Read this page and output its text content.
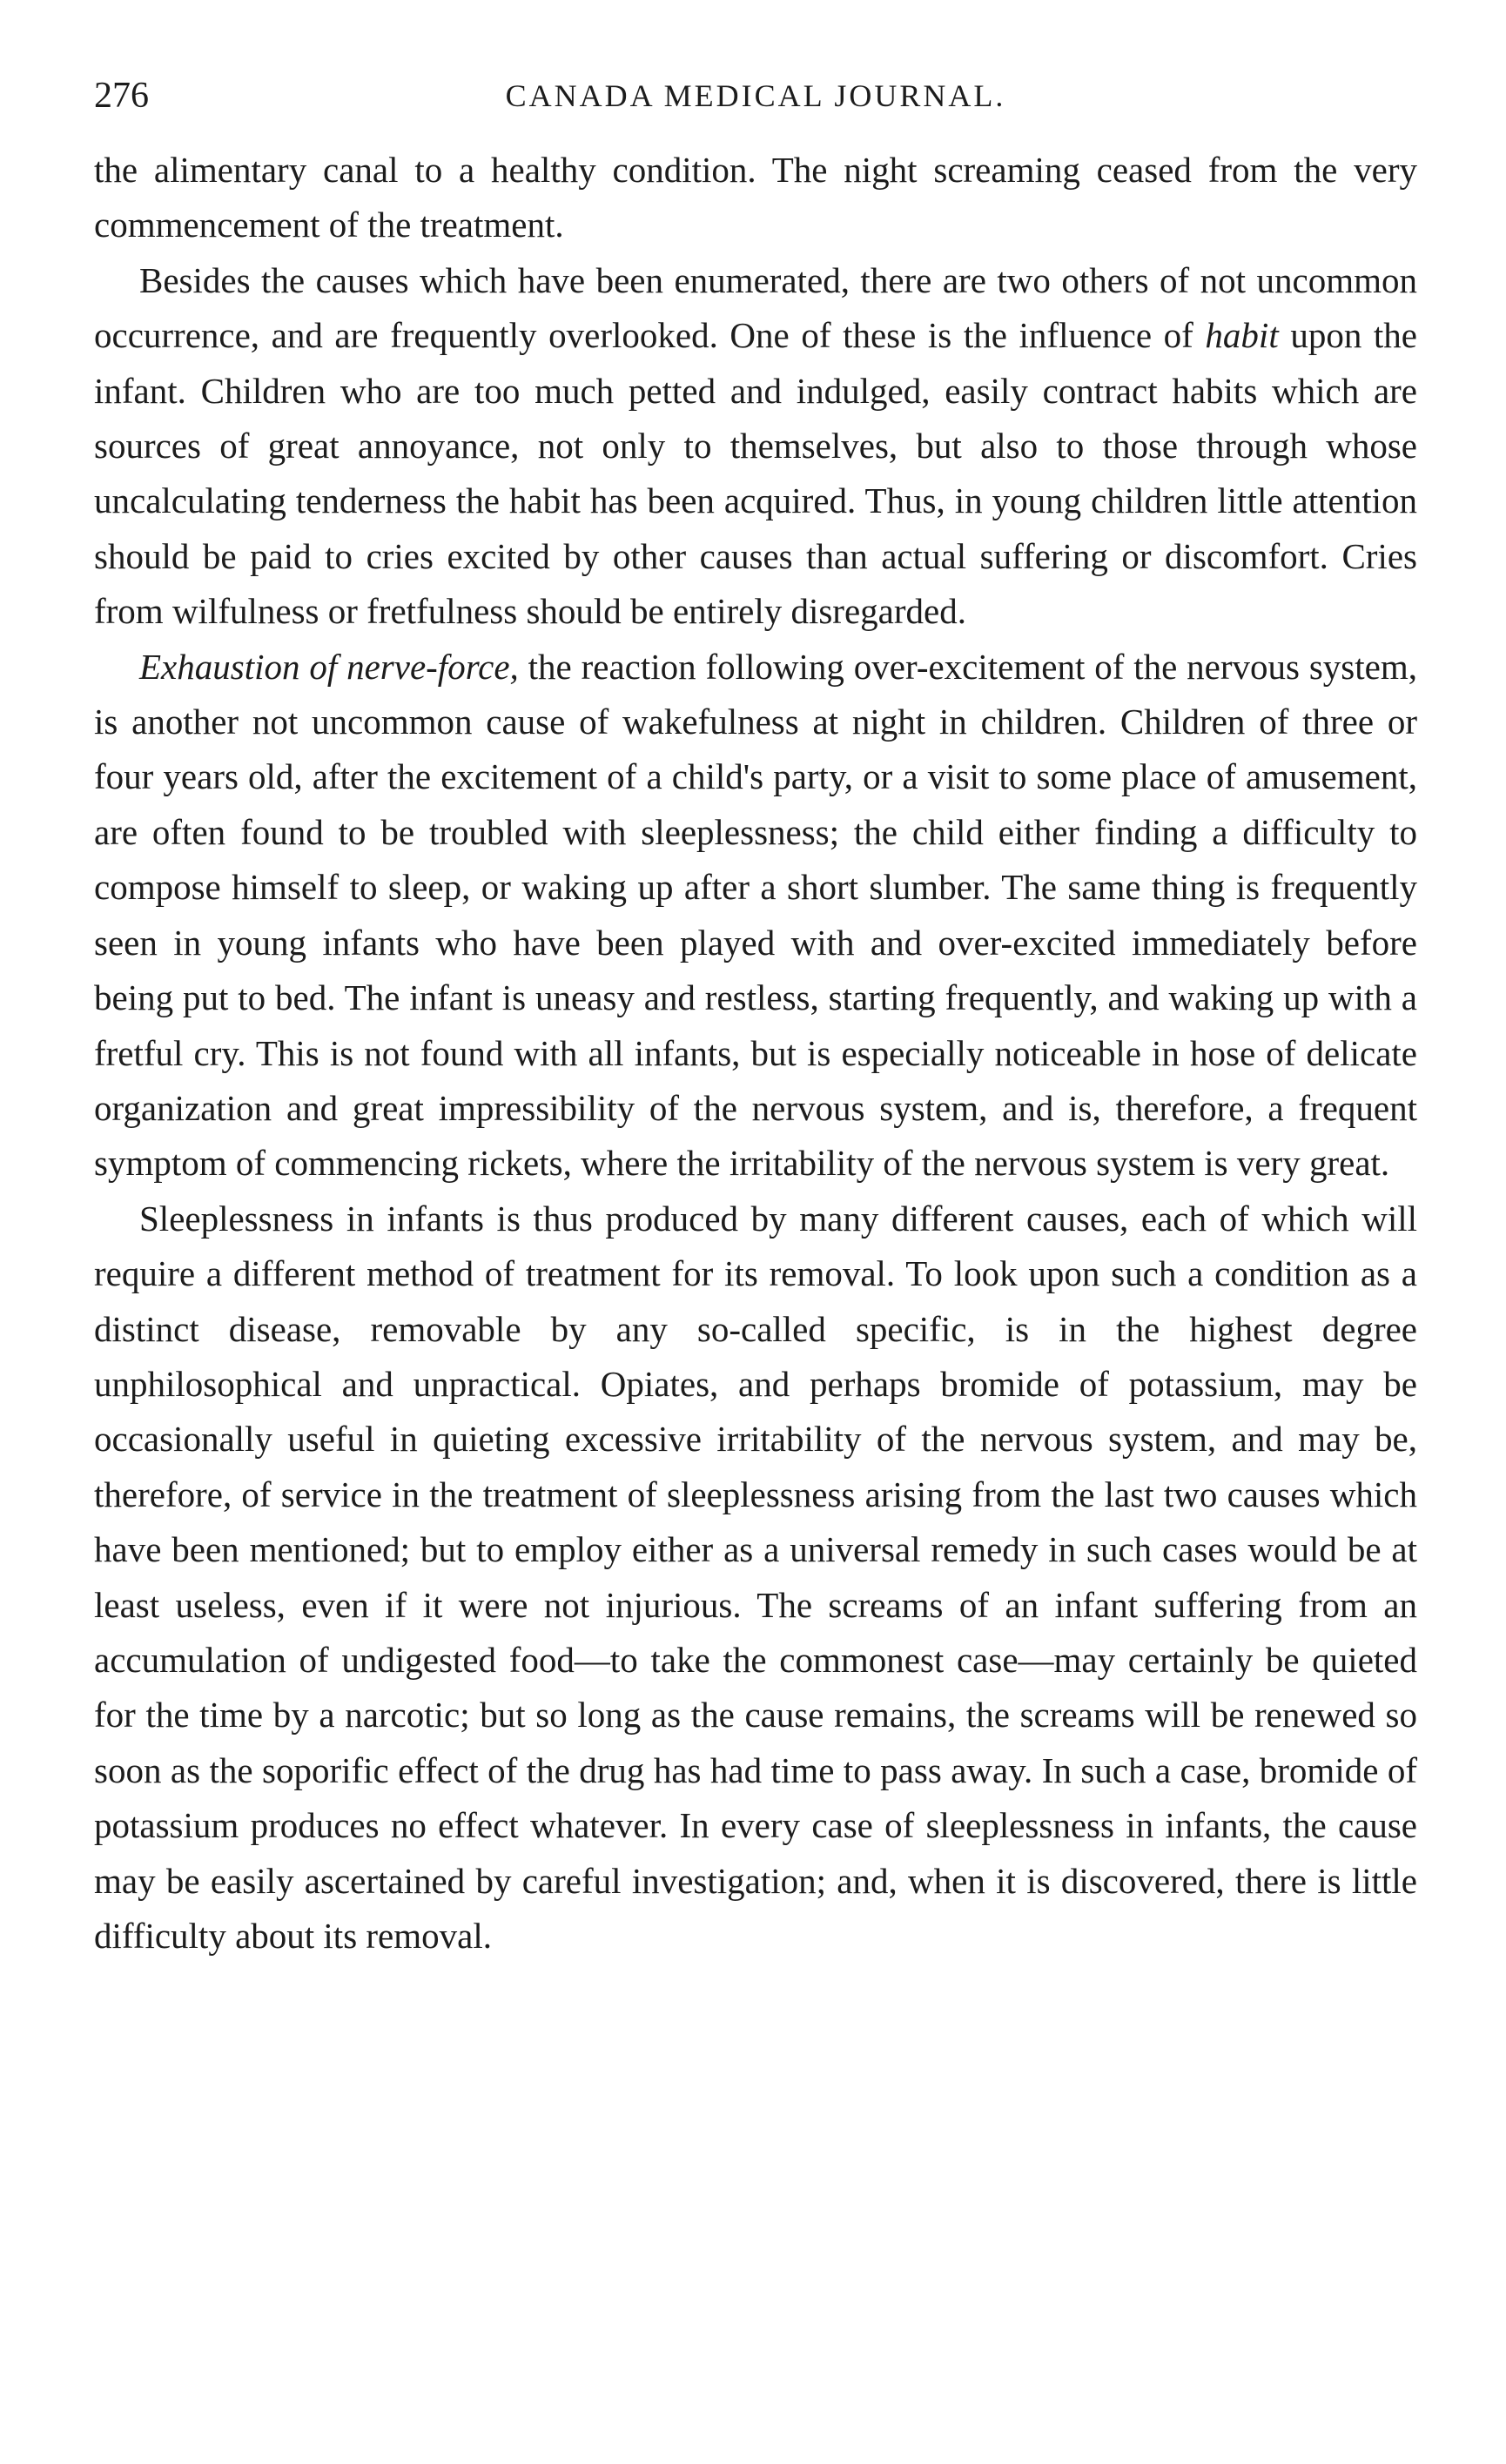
276	CANADA MEDICAL JOURNAL.

the alimentary canal to a healthy condition. The night screaming ceased from the very commencement of the treatment.

Besides the causes which have been enumerated, there are two others of not uncommon occurrence, and are frequently overlooked. One of these is the influence of habit upon the infant. Children who are too much petted and indulged, easily contract habits which are sources of great annoyance, not only to themselves, but also to those through whose uncalculating tenderness the habit has been acquired. Thus, in young children little attention should be paid to cries excited by other causes than actual suffering or discomfort. Cries from wilfulness or fretfulness should be entirely disregarded.

Exhaustion of nerve-force, the reaction following over-excitement of the nervous system, is another not uncommon cause of wakefulness at night in children. Children of three or four years old, after the excitement of a child's party, or a visit to some place of amusement, are often found to be troubled with sleeplessness; the child either finding a difficulty to compose himself to sleep, or waking up after a short slumber. The same thing is frequently seen in young infants who have been played with and over-excited immediately before being put to bed. The infant is uneasy and restless, starting frequently, and waking up with a fretful cry. This is not found with all infants, but is especially noticeable in hose of delicate organization and great impressibility of the nervous system, and is, therefore, a frequent symptom of commencing rickets, where the irritability of the nervous system is very great.

Sleeplessness in infants is thus produced by many different causes, each of which will require a different method of treatment for its removal. To look upon such a condition as a distinct disease, removable by any so-called specific, is in the highest degree unphilosophical and unpractical. Opiates, and perhaps bromide of potassium, may be occasionally useful in quieting excessive irritability of the nervous system, and may be, therefore, of service in the treatment of sleeplessness arising from the last two causes which have been mentioned; but to employ either as a universal remedy in such cases would be at least useless, even if it were not injurious. The screams of an infant suffering from an accumulation of undigested food—to take the commonest case—may certainly be quieted for the time by a narcotic; but so long as the cause remains, the screams will be renewed so soon as the soporific effect of the drug has had time to pass away. In such a case, bromide of potassium produces no effect whatever. In every case of sleeplessness in infants, the cause may be easily ascertained by careful investigation; and, when it is discovered, there is little difficulty about its removal.
